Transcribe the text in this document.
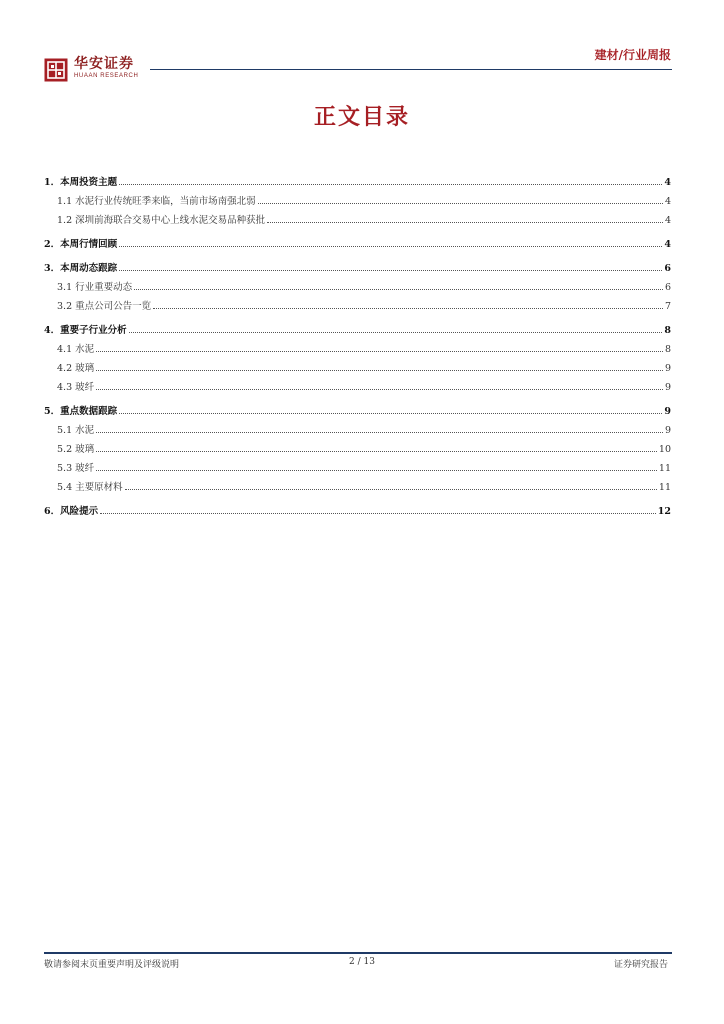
华安证券
HUAAN RESEARCH
建材/行业周报
正文目录
1．本周投资主题	4
1.1 水泥行业传统旺季来临，当前市场南强北弱	4
1.2 深圳前海联合交易中心上线水泥交易品种获批	4
2．本周行情回顾	4
3．本周动态跟踪	6
3.1 行业重要动态	6
3.2 重点公司公告一览	7
4．重要子行业分析	8
4.1 水泥	8
4.2 玻璃	9
4.3 玻纤	9
5．重点数据跟踪	9
5.1 水泥	9
5.2 玻璃	10
5.3 玻纤	11
5.4 主要原材料	11
6．风险提示	12
敬请参阅末页重要声明及评级说明	2 / 13	证券研究报告
